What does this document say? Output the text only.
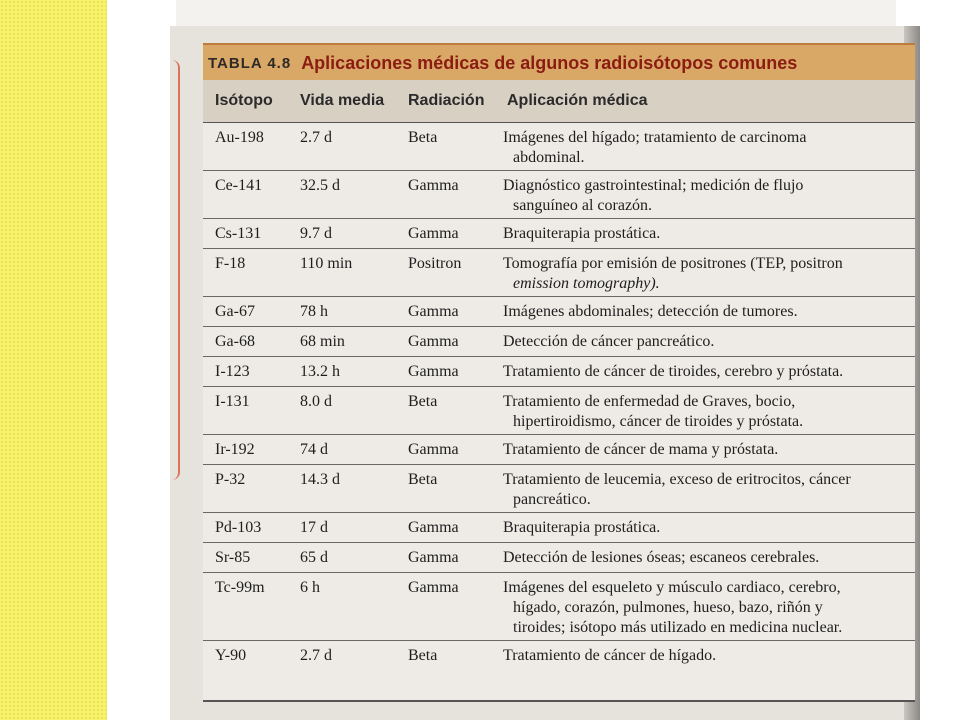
TABLA 4.8 Aplicaciones médicas de algunos radioisótopos comunes
Isótopo	Vida media	Radiación	Aplicación médica
Au-198	2.7 d	Beta	Imágenes del hígado; tratamiento de carcinoma
abdominal.

Ce-141	32.5 d	Gamma	Diagnóstico gastrointestinal; medición de flujo
sanguíneo al corazón.

Cs-131	9.7 d	Gamma	Braquiterapia prostática.
F-18	110 min	Positron	Tomografía por emisión de positrones (TEP, positron
emission tomography).

Ga-67	78 h	Gamma	Imágenes abdominales; detección de tumores.
Ga-68	68 min	Gamma	Detección de cáncer pancreático.
I-123	13.2 h	Gamma	Tratamiento de cáncer de tiroides, cerebro y próstata.
I-131	8.0 d	Beta	Tratamiento de enfermedad de Graves, bocio,
hipertiroidismo, cáncer de tiroides y próstata.

Ir-192	74 d	Gamma	Tratamiento de cáncer de mama y próstata.
P-32	14.3 d	Beta	Tratamiento de leucemia, exceso de eritrocitos, cáncer
pancreático.

Pd-103	17 d	Gamma	Braquiterapia prostática.
Sr-85	65 d	Gamma	Detección de lesiones óseas; escaneos cerebrales.
Tc-99m	6 h	Gamma	Imágenes del esqueleto y músculo cardiaco, cerebro,
hígado, corazón, pulmones, hueso, bazo, riñón y
tiroides; isótopo más utilizado en medicina nuclear.

Y-90	2.7 d	Beta	Tratamiento de cáncer de hígado.
